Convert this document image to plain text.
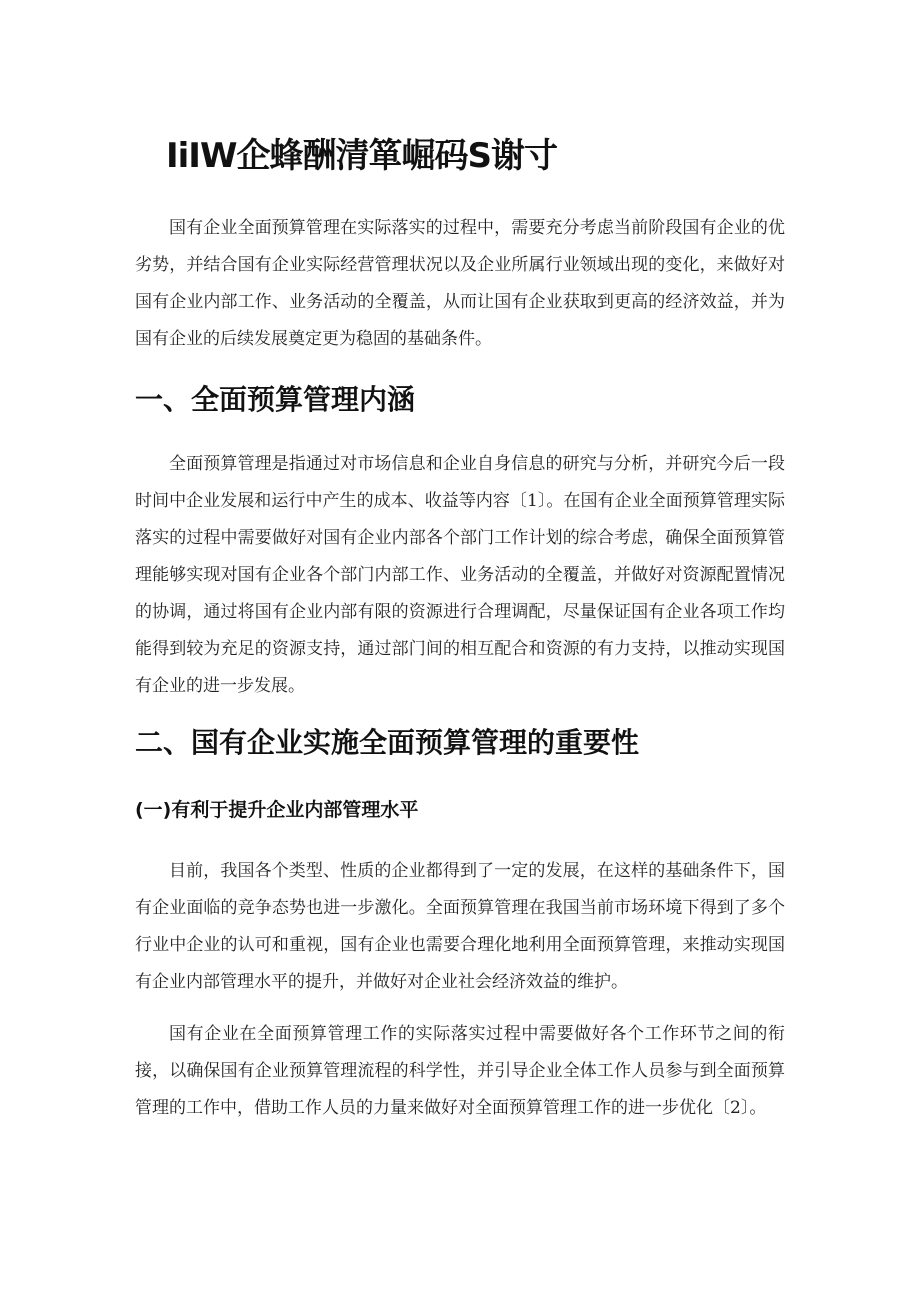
IiIW企蜂酬清箪崛码S谢寸

国有企业全面预算管理在实际落实的过程中，需要充分考虑当前阶段国有企业的优劣势，并结合国有企业实际经营管理状况以及企业所属行业领域出现的变化，来做好对国有企业内部工作、业务活动的全覆盖，从而让国有企业获取到更高的经济效益，并为国有企业的后续发展奠定更为稳固的基础条件。

一、全面预算管理内涵

全面预算管理是指通过对市场信息和企业自身信息的研究与分析，并研究今后一段时间中企业发展和运行中产生的成本、收益等内容〔1〕。在国有企业全面预算管理实际落实的过程中需要做好对国有企业内部各个部门工作计划的综合考虑，确保全面预算管理能够实现对国有企业各个部门内部工作、业务活动的全覆盖，并做好对资源配置情况的协调，通过将国有企业内部有限的资源进行合理调配，尽量保证国有企业各项工作均能得到较为充足的资源支持，通过部门间的相互配合和资源的有力支持，以推动实现国有企业的进一步发展。

二、国有企业实施全面预算管理的重要性
(一)有利于提升企业内部管理水平

目前，我国各个类型、性质的企业都得到了一定的发展，在这样的基础条件下，国有企业面临的竞争态势也进一步激化。全面预算管理在我国当前市场环境下得到了多个行业中企业的认可和重视，国有企业也需要合理化地利用全面预算管理，来推动实现国有企业内部管理水平的提升，并做好对企业社会经济效益的维护。

国有企业在全面预算管理工作的实际落实过程中需要做好各个工作环节之间的衔接，以确保国有企业预算管理流程的科学性，并引导企业全体工作人员参与到全面预算管理的工作中，借助工作人员的力量来做好对全面预算管理工作的进一步优化〔2〕。
